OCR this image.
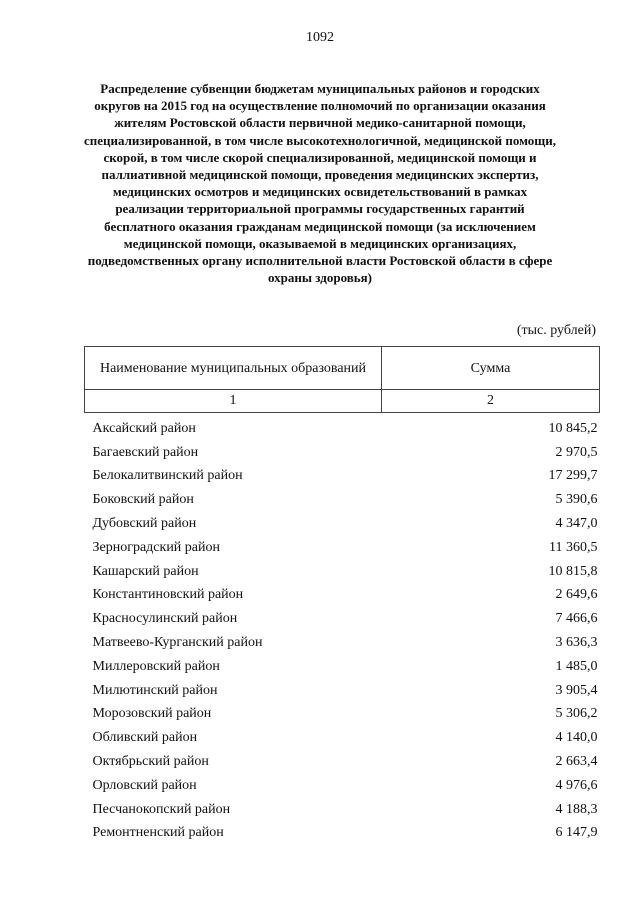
1092
Распределение субвенции бюджетам муниципальных районов и городских округов на 2015 год на осуществление полномочий по организации оказания жителям Ростовской области первичной медико-санитарной помощи, специализированной, в том числе высокотехнологичной, медицинской помощи, скорой, в том числе скорой специализированной, медицинской помощи и паллиативной медицинской помощи, проведения медицинских экспертиз, медицинских осмотров и медицинских освидетельствований в рамках реализации территориальной программы государственных гарантий бесплатного оказания гражданам медицинской помощи (за исключением медицинской помощи, оказываемой в медицинских организациях, подведомственных органу исполнительной власти Ростовской области в сфере охраны здоровья)
(тыс. рублей)
Наименование муниципальных образований	Сумма
1	2
Аксайский район	10 845,2
Багаевский район	2 970,5
Белокалитвинский район	17 299,7
Боковский район	5 390,6
Дубовский район	4 347,0
Зерноградский район	11 360,5
Кашарский район	10 815,8
Константиновский район	2 649,6
Красносулинский район	7 466,6
Матвеево-Курганский район	3 636,3
Миллеровский район	1 485,0
Милютинский район	3 905,4
Морозовский район	5 306,2
Обливский район	4 140,0
Октябрьский район	2 663,4
Орловский район	4 976,6
Песчанокопский район	4 188,3
Ремонтненский район	6 147,9
